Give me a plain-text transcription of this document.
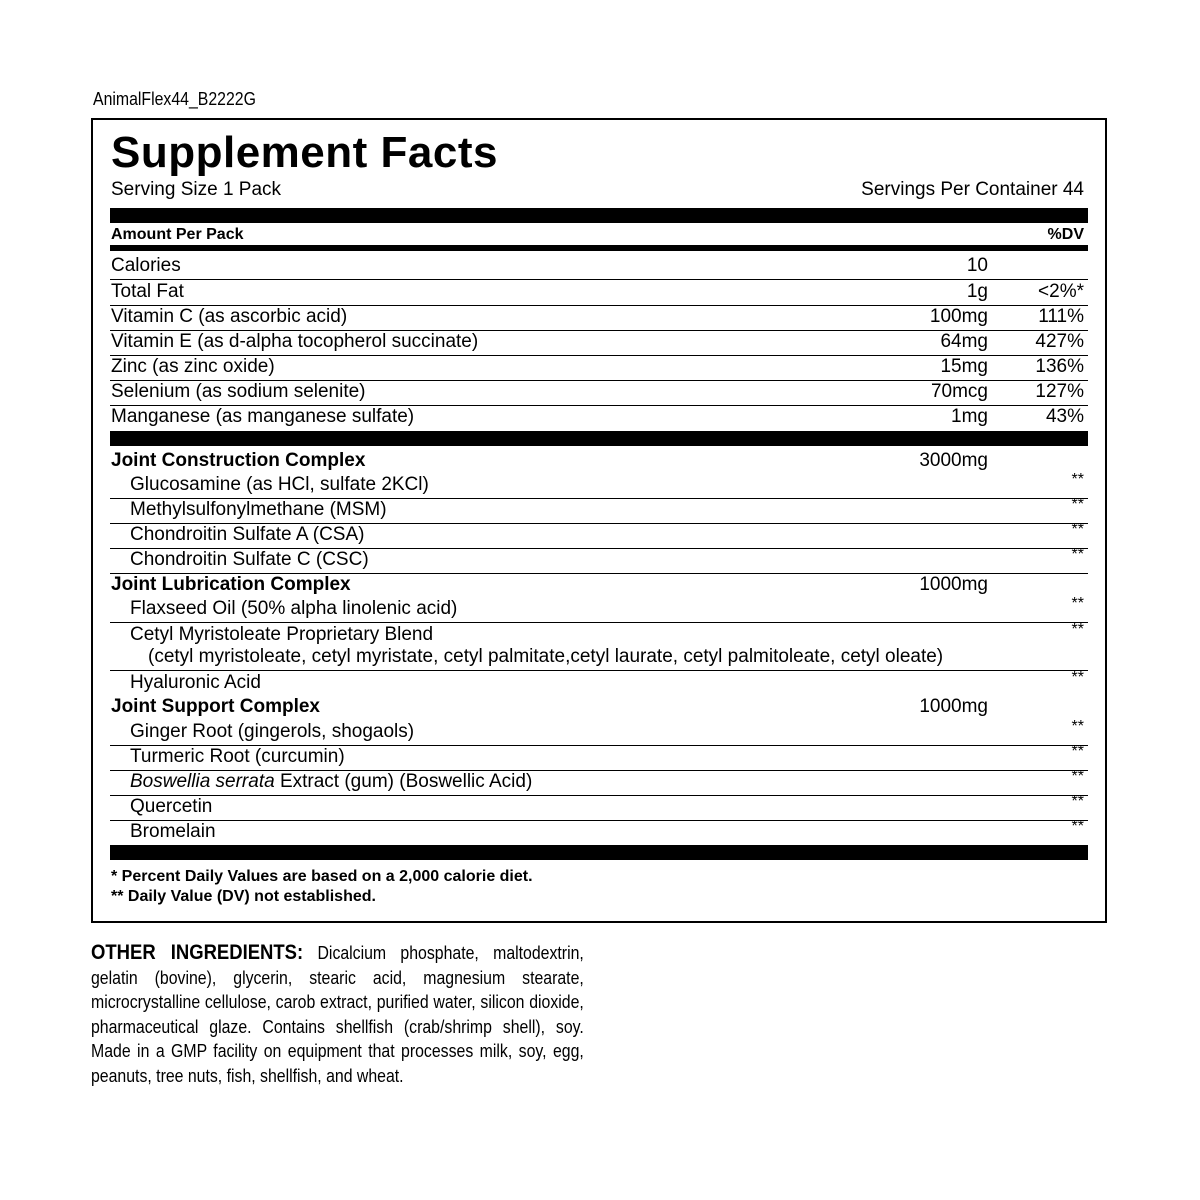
AnimalFlex44_B2222G
Supplement Facts
Serving Size 1 Pack	Servings Per Container 44
Amount Per Pack	%DV
Calories	10
Total Fat	1g	<2%*
Vitamin C (as ascorbic acid)	100mg	111%
Vitamin E (as d-alpha tocopherol succinate)	64mg 427%
Zinc (as zinc oxide)	15mg 136%
Selenium (as sodium selenite)	70mcg 127%
Manganese (as manganese sulfate)	1mg	43%
Joint Construction Complex	3000mg
Glucosamine (as HCl, sulfate 2KCl)	**
Methylsulfonylmethane (MSM)	**
Chondroitin Sulfate A (CSA)	**
Chondroitin Sulfate C (CSC)	**
Joint Lubrication Complex	1000mg
Flaxseed Oil (50% alpha linolenic acid)	**
Cetyl Myristoleate Proprietary Blend
(cetyl myristoleate, cetyl myristate, cetyl palmitate,cetyl laurate, cetyl palmitoleate, cetyl oleate)
**
Hyaluronic Acid	**
Joint Support Complex	1000mg
Ginger Root (gingerols, shogaols)	**
Turmeric Root (curcumin)	**
Boswellia serrata Extract (gum) (Boswellic Acid)	**
Quercetin	**
Bromelain	**
* Percent Daily Values are based on a 2,000 calorie diet.
** Daily Value (DV) not established.
OTHER INGREDIENTS: Dicalcium phosphate, maltodextrin, gelatin (bovine), glycerin, stearic acid, magnesium stearate, microcrystalline cellulose, carob extract, purified water, silicon dioxide, pharmaceutical glaze. Contains shellfish (crab/shrimp shell), soy. Made in a GMP facility on equipment that processes milk, soy, egg, peanuts, tree nuts, fish, shellfish, and wheat.
